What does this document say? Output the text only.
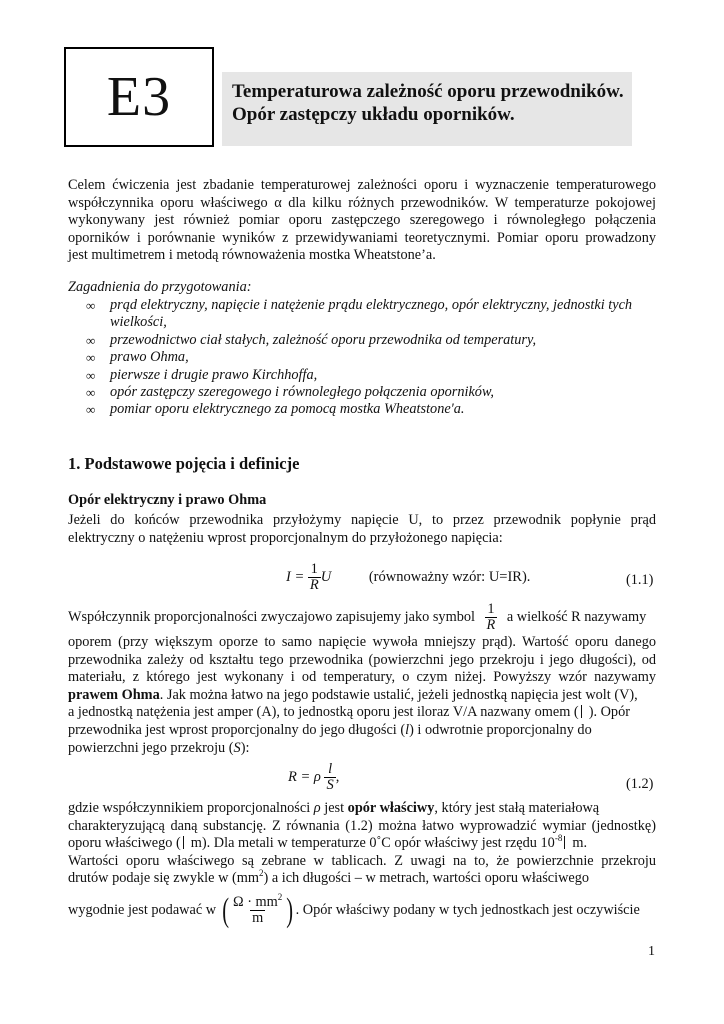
E3	Temperaturowa zależność oporu przewodników.
Opór zastępczy układu oporników.
Celem ćwiczenia jest zbadanie temperaturowej zależności oporu i wyznaczenie temperaturowego
współczynnika oporu właściwego α dla kilku różnych przewodników. W temperaturze pokojowej
wykonywany jest również pomiar oporu zastępczego szeregowego i równoległego połączenia
oporników i porównanie wyników z przewidywaniami teoretycznymi. Pomiar oporu prowadzony
jest multimetrem i metodą równoważenia mostka Wheatstone’a.
Zagadnienia do przygotowania:
∞ prąd elektryczny, napięcie i natężenie prądu elektrycznego, opór elektryczny, jednostki tych
wielkości,
∞ przewodnictwo ciał stałych, zależność oporu przewodnika od temperatury,
∞ prawo Ohma,
∞ pierwsze i drugie prawo Kirchhoffa,
∞ opór zastępczy szeregowego i równoległego połączenia oporników,
∞ pomiar oporu elektrycznego za pomocą mostka Wheatstone'a.
1. Podstawowe pojęcia i definicje
Opór elektryczny i prawo Ohma
Jeżeli do końców przewodnika przyłożymy napięcie U, to przez przewodnik popłynie prąd
elektryczny o natężeniu wprost proporcjonalnym do przyłożonego napięcia:
$I = \frac{1}{R}$ U	(równoważny wzór: U=IR).	(1.1)
Współczynnik proporcjonalności zwyczajowo zapisujemy jako symbol $\frac{1}{R}$ a wielkość R nazywamy
oporem (przy większym oporze to samo napięcie wywoła mniejszy prąd). Wartość oporu danego
przewodnika zależy od kształtu tego przewodnika (powierzchni jego przekroju i jego długości), od
materiału, z którego jest wykonany i od temperatury, o czym niżej. Powyższy wzór nazywamy
prawem Ohma. Jak można łatwo na jego podstawie ustalić, jeżeli jednostką napięcia jest wolt (V),
a jednostką natężenia jest amper (A), to jednostką oporu jest iloraz V/A nazwany omem ( ). Opór
przewodnika jest wprost proporcjonalny do jego długości (l) i odwrotnie proporcjonalny do
powierzchni jego przekroju (S):
R = ρ $\frac{l}{S}$ ,	(1.2)
gdzie współczynnikiem proporcjonalności ρ jest opór właściwy, który jest stałą materiałową
charakteryzującą daną substancję. Z równania (1.2) można łatwo wyprowadzić wymiar (jednostkę)
oporu właściwego ( m). Dla metali w temperaturze 0˚C opór właściwy jest rzędu $10^{-8}$ m.
Wartości oporu właściwego są zebrane w tablicach. Z uwagi na to, że powierzchnie przekroju
drutów podaje się zwykle w $(mm^2)$ a ich długości – w metrach, wartości oporu właściwego
wygodnie jest podawać w ( $\frac{\Omega \cdot mm^2}{m}$ ) . Opór właściwy podany w tych jednostkach jest oczywiście
1
